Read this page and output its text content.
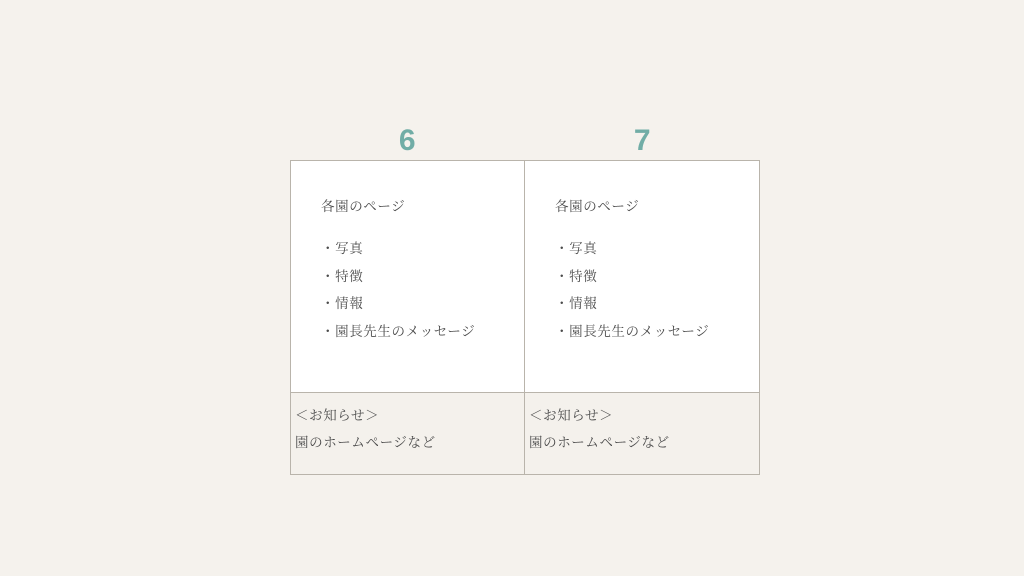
6	7
各園のページ
・写真
・特徴
・情報
・園長先生のメッセージ
＜お知らせ＞
園のホームページなど
各園のページ
・写真
・特徴
・情報
・園長先生のメッセージ
＜お知らせ＞
園のホームページなど
